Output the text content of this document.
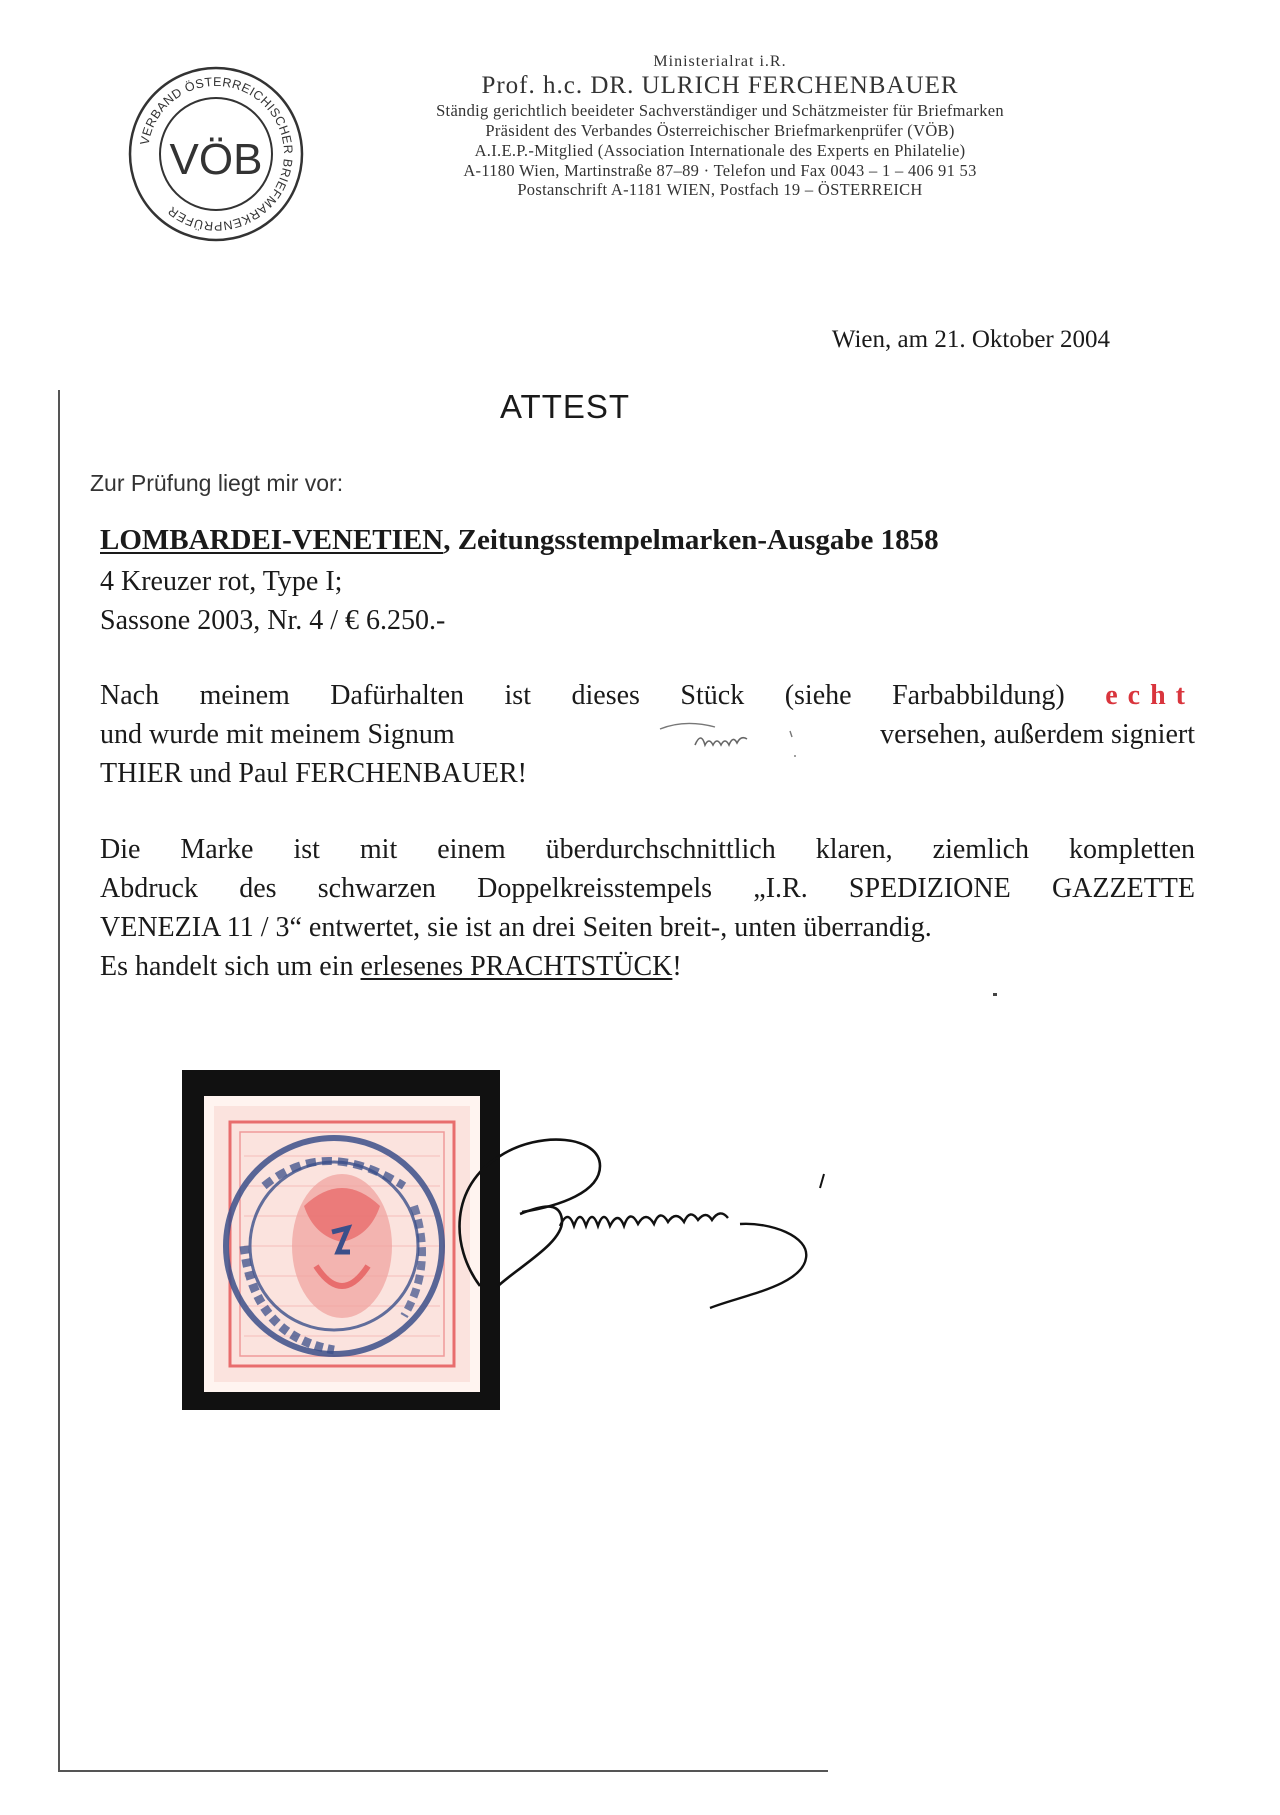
VERBAND ÖSTERREICHISCHER BRIEFMARKENPRÜFER
VÖB
Ministerialrat i.R.
Prof. h.c. DR. ULRICH FERCHENBAUER
Ständig gerichtlich beeideter Sachverständiger und Schätzmeister für Briefmarken
Präsident des Verbandes Österreichischer Briefmarkenprüfer (VÖB)
A.I.E.P.-Mitglied (Association Internationale des Experts en Philatelie)
A-1180 Wien, Martinstraße 87–89 · Telefon und Fax 0043 – 1 – 406 91 53
Postanschrift A-1181 WIEN, Postfach 19 – ÖSTERREICH
Wien, am 21. Oktober 2004
ATTEST
Zur Prüfung liegt mir vor:
LOMBARDEI-VENETIEN, Zeitungsstempelmarken-Ausgabe 1858
4 Kreuzer rot, Type I;
Sassone 2003, Nr. 4 / € 6.250.-
Nach meinem Dafürhalten ist dieses Stück (siehe Farbabbildung) echt
und wurde mit meinem Signum	versehen, außerdem signiert
THIER und Paul FERCHENBAUER!
Die Marke ist mit einem überdurchschnittlich klaren, ziemlich kompletten
Abdruck des schwarzen Doppelkreisstempels „I.R. SPEDIZIONE GAZZETTE
VENEZIA 11 / 3“ entwertet, sie ist an drei Seiten breit-, unten überrandig.
Es handelt sich um ein erlesenes PRACHTSTÜCK!
